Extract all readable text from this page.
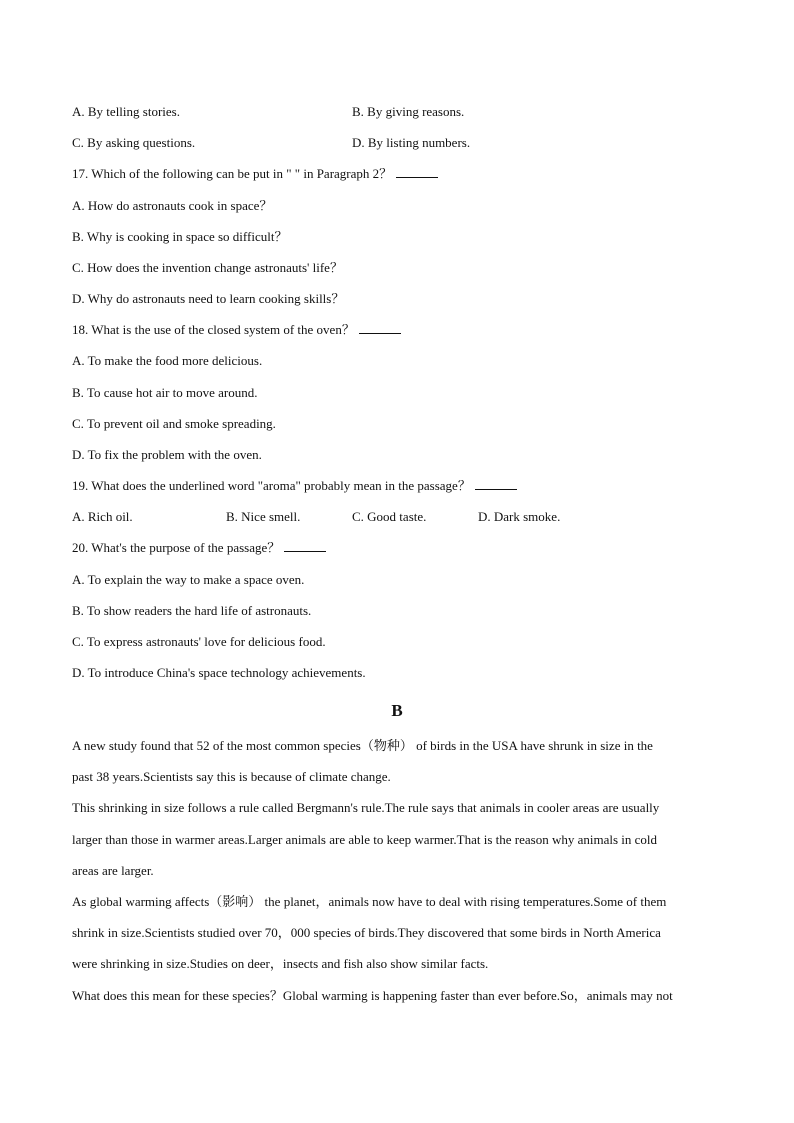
A. By telling stories.	B. By giving reasons.
C. By asking questions.	D. By listing numbers.
17. Which of the following can be put in " " in Paragraph 2？
A. How do astronauts cook in space？
B. Why is cooking in space so difficult？
C. How does the invention change astronauts' life？
D. Why do astronauts need to learn cooking skills？
18. What is the use of the closed system of the oven？
A. To make the food more delicious.
B. To cause hot air to move around.
C. To prevent oil and smoke spreading.
D. To fix the problem with the oven.
19. What does the underlined word "aroma" probably mean in the passage？
A. Rich oil.	B. Nice smell.	C. Good taste.	D. Dark smoke.
20. What's the purpose of the passage？
A. To explain the way to make a space oven.
B. To show readers the hard life of astronauts.
C. To express astronauts' love for delicious food.
D. To introduce China's space technology achievements.
B
A new study found that 52 of the most common species（物种） of birds in the USA have shrunk in size in the
past 38 years.Scientists say this is because of climate change.
This shrinking in size follows a rule called Bergmann's rule.The rule says that animals in cooler areas are usually
larger than those in warmer areas.Larger animals are able to keep warmer.That is the reason why animals in cold
areas are larger.
As global warming affects（影响） the planet，animals now have to deal with rising temperatures.Some of them
shrink in size.Scientists studied over 70，000 species of birds.They discovered that some birds in North America
were shrinking in size.Studies on deer，insects and fish also show similar facts.
What does this mean for these species？Global warming is happening faster than ever before.So，animals may not
